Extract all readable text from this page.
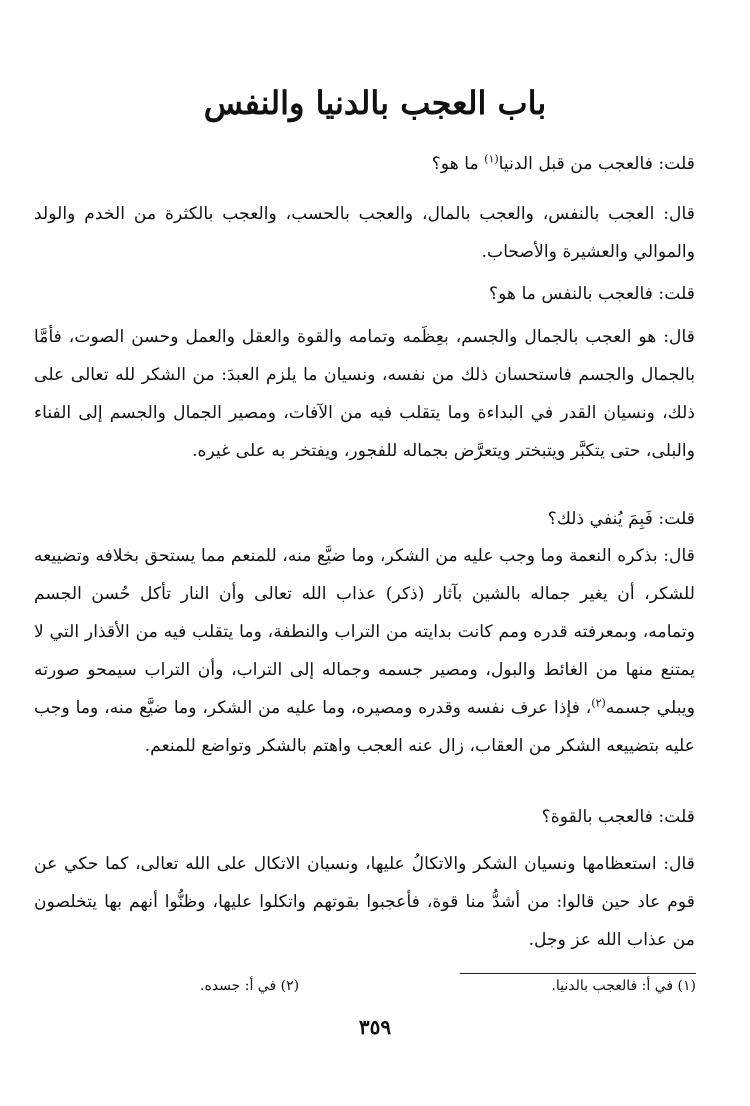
باب العجب بالدنيا والنفس

قلت: فالعجب من قبل الدنيا$^{(١)}$ ما هو؟

قال: العجب بالنفس، والعجب بالمال، والعجب بالحسب، والعجب بالكثرة من الخدم والولد والموالي والعشيرة والأصحاب.

قلت: فالعجب بالنفس ما هو؟

قال: هو العجب بالجمال والجسم، بعِظَمه وتمامه والقوة والعقل والعمل وحسن الصوت، فأمَّا بالجمال والجسم فاستحسان ذلك من نفسه، ونسيان ما يلزم العبدَ: من الشكر لله تعالى على ذلك، ونسيان القدر في البداءة وما يتقلب فيه من الآفات، ومصير الجمال والجسم إلى الفناء والبلى، حتى يتكبَّر ويتبختر ويتعرَّض بجماله للفجور، ويفتخر به على غيره.

قلت: فَبِمَ يُنفي ذلك؟

قال: بذكره النعمة وما وجب عليه من الشكر، وما ضيَّع منه، للمنعم مما يستحق بخلافه وتضييعه للشكر، أن يغير جماله بالشين بآثار (ذكر) عذاب الله تعالى وأن النار تأكل حُسن الجسم وتمامه، وبمعرفته قدره ومم كانت بدايته من التراب والنطفة، وما يتقلب فيه من الأقذار التي لا يمتنع منها من الغائط والبول، ومصير جسمه وجماله إلى التراب، وأن التراب سيمحو صورته ويبلي جسمه$^{(٢)}$، فإذا عرف نفسه وقدره ومصيره، وما عليه من الشكر، وما ضيَّع منه، وما وجب عليه بتضييعه الشكر من العقاب، زال عنه العجب واهتم بالشكر وتواضع للمنعم.

قلت: فالعجب بالقوة؟

قال: استعظامها ونسيان الشكر والاتكالُ عليها، ونسيان الاتكال على الله تعالى، كما حكي عن قوم عاد حين قالوا: من أشدُّ منا قوة، فأعجبوا بقوتهم واتكلوا عليها، وظنُّوا أنهم بها يتخلصون من عذاب الله عز وجل.

(١) في أ: فالعجب بالدنيا.
(٢) في أ: جسده.
٣٥٩
